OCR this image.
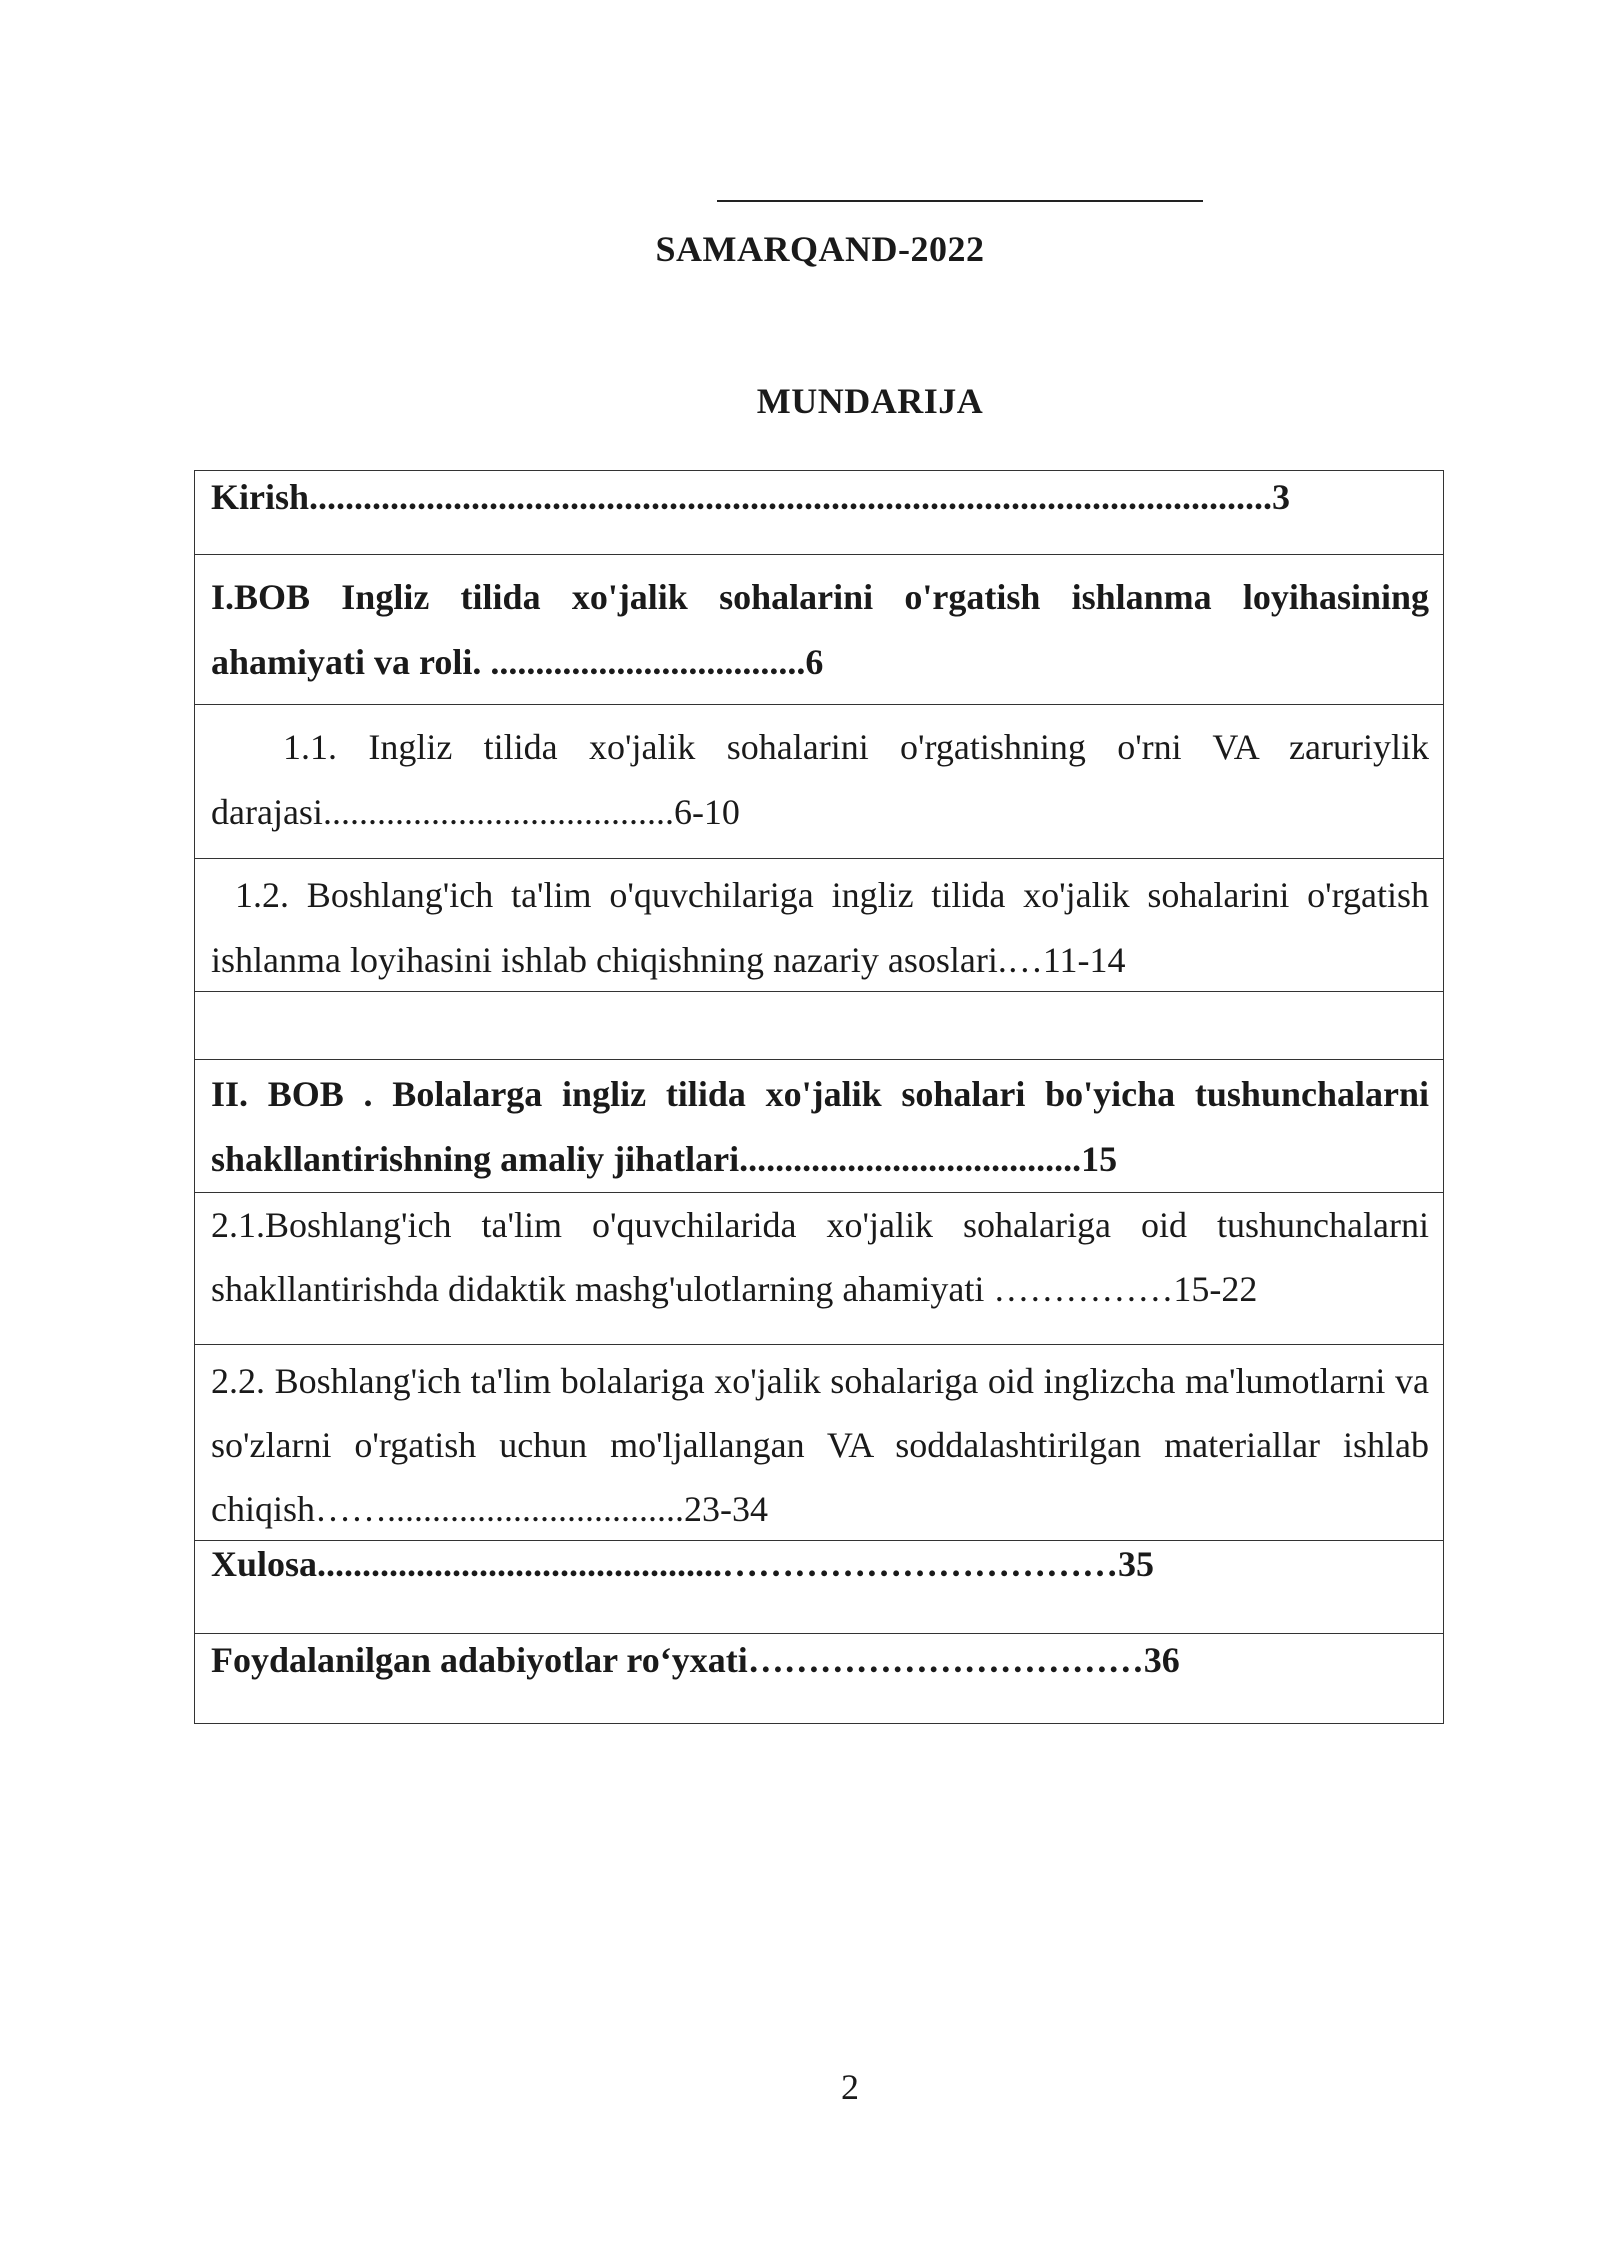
SAMARQAND-2022
MUNDARIJA
Kirish...........................................................................................................3
I.BOB Ingliz tilida xo'jalik sohalarini o'rgatish ishlanma loyihasining ahamiyati va roli. ...................................6
1.1. Ingliz tilida xo'jalik sohalarini o'rgatishning o'rni VA zaruriylik darajasi.......................................6-10
1.2. Boshlang'ich ta'lim o'quvchilariga ingliz tilida xo'jalik sohalarini o'rgatish ishlanma loyihasini ishlab chiqishning nazariy asoslari.…11-14
II. BOB . Bolalarga ingliz tilida xo'jalik sohalari bo'yicha tushunchalarni shakllantirishning amaliy jihatlari......................................15
2.1.Boshlang'ich ta'lim o'quvchilarida xo'jalik sohalariga oid tushunchalarni shakllantirishda didaktik mashg'ulotlarning ahamiyati ……………15-22
2.2. Boshlang'ich ta'lim bolalariga xo'jalik sohalariga oid inglizcha ma'lumotlarni va so'zlarni o'rgatish uchun mo'ljallangan VA soddalashtirilgan materiallar ishlab chiqish…….................................23-34
Xulosa.............................................……………………………35
Foydalanilgan adabiyotlar ro‘yxati……………………………36
2
